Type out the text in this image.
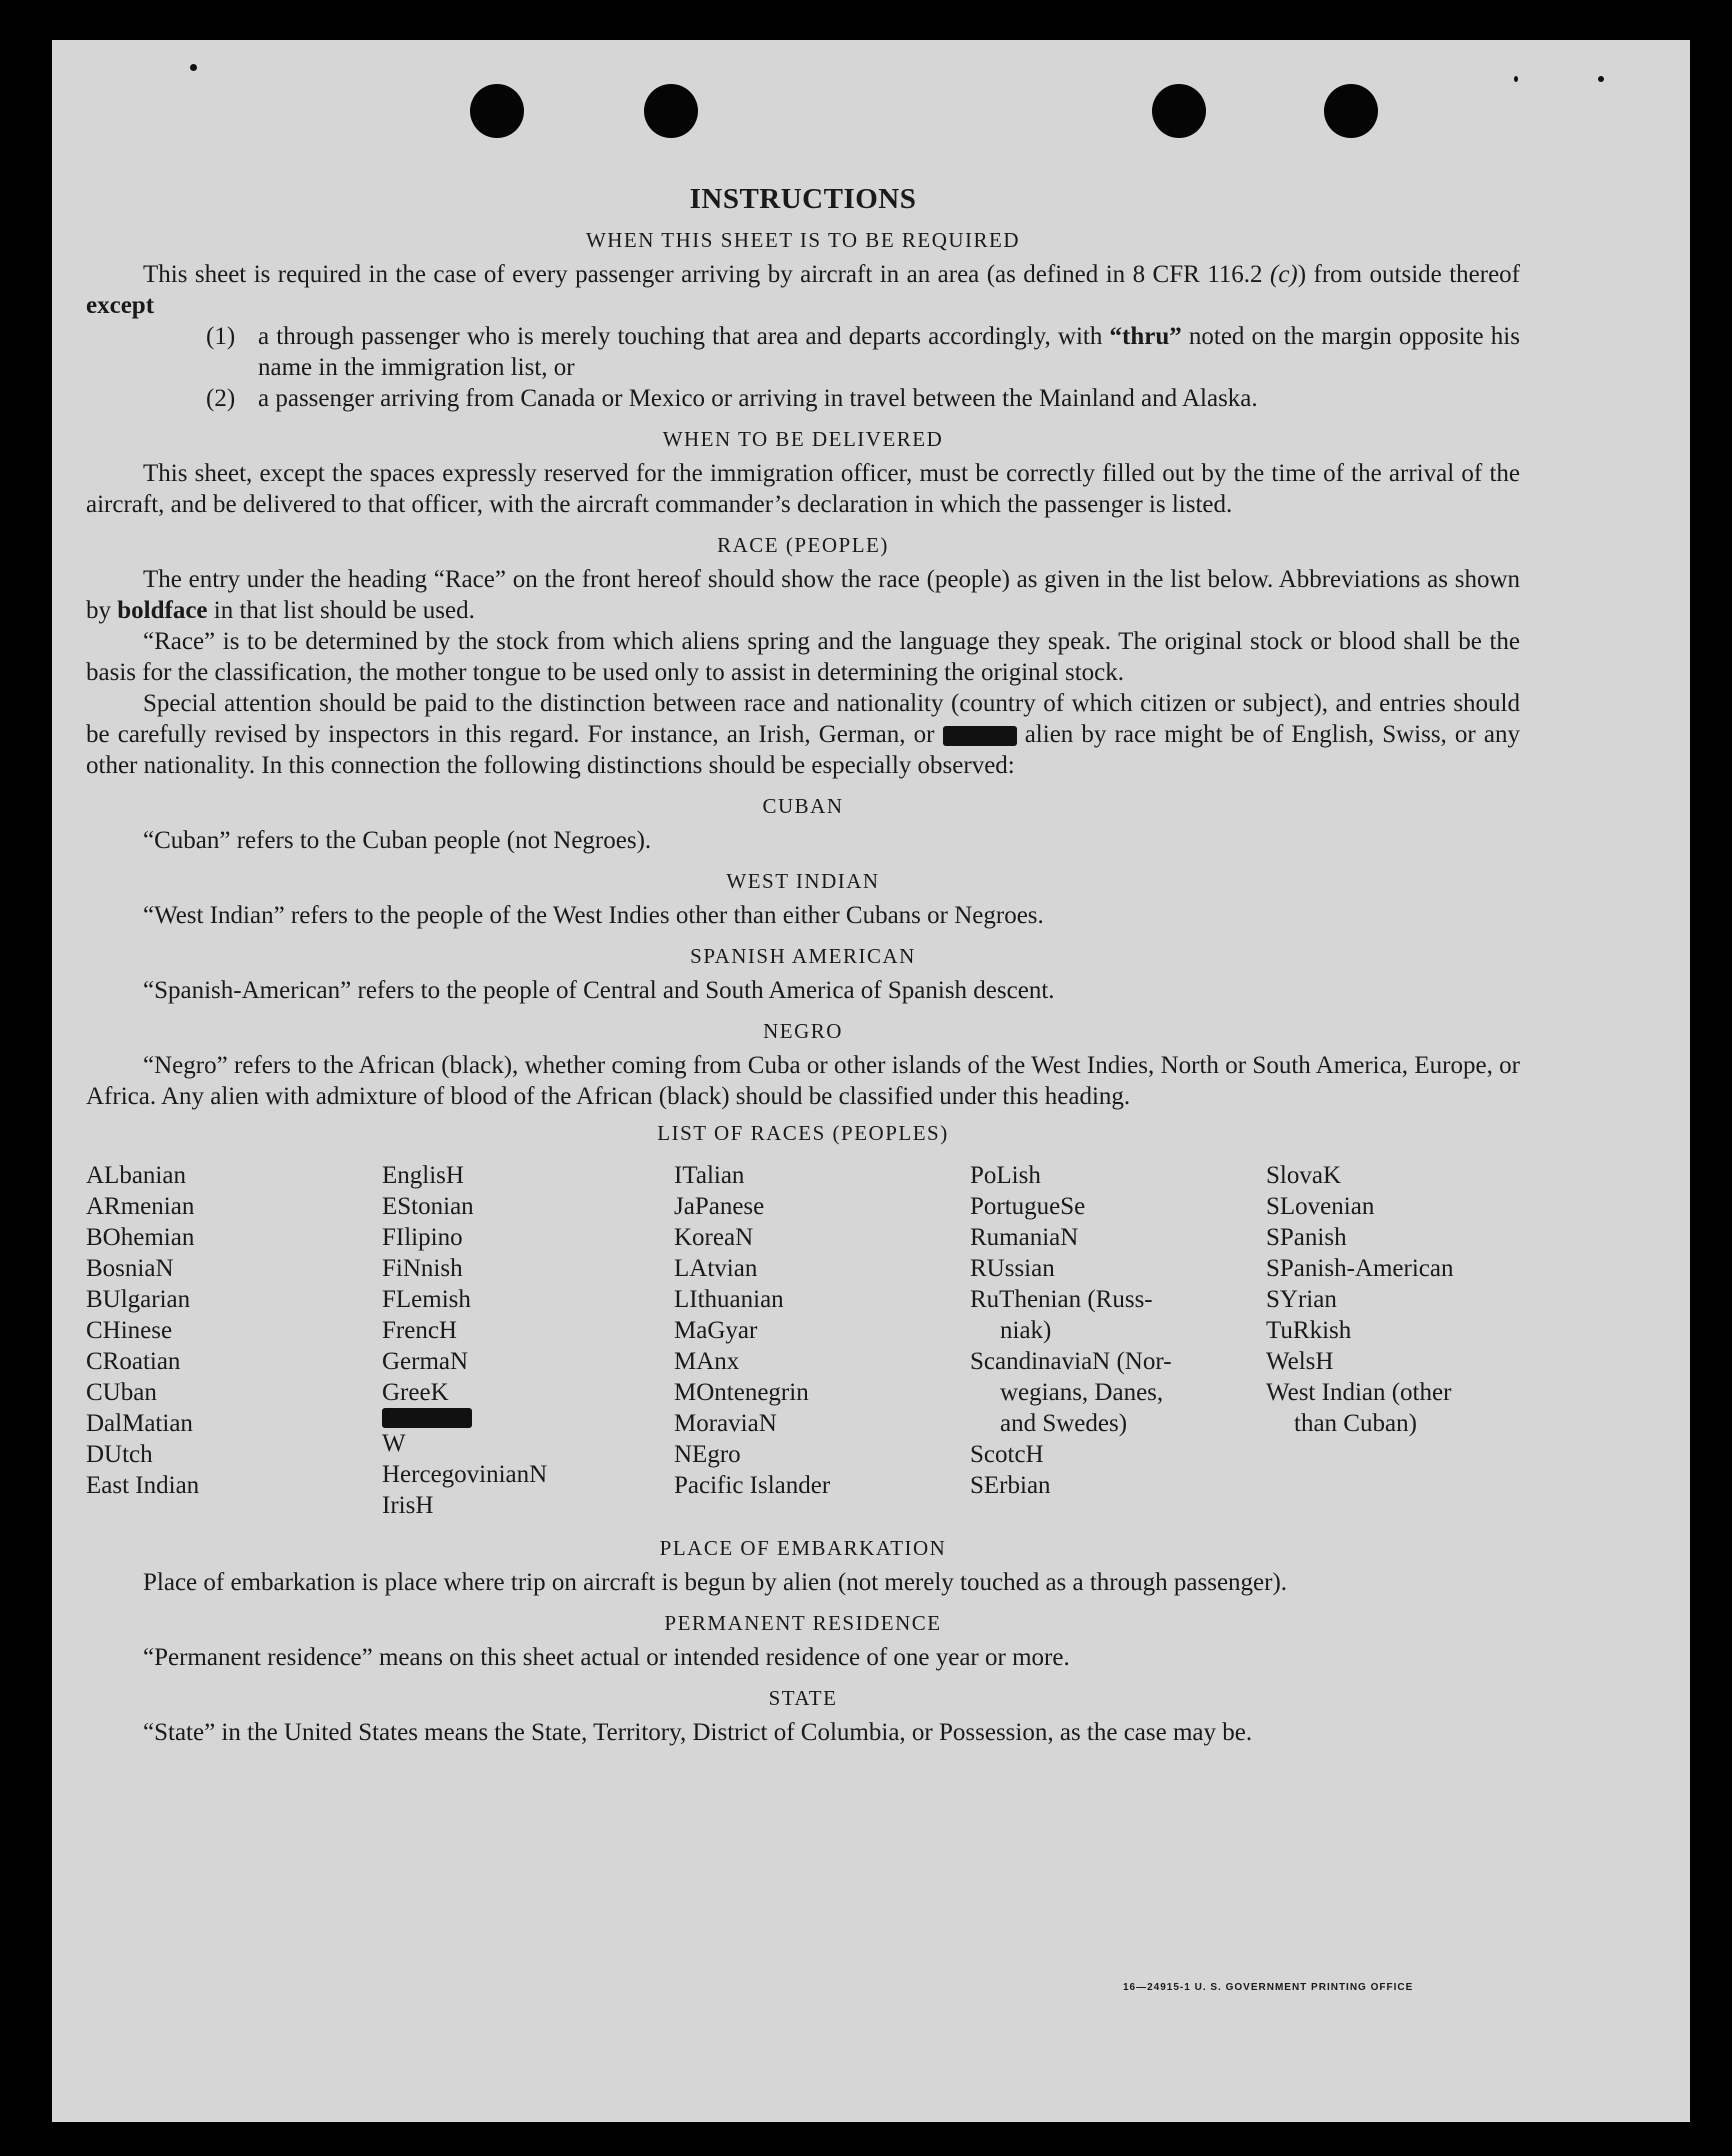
INSTRUCTIONS
WHEN THIS SHEET IS TO BE REQUIRED

This sheet is required in the case of every passenger arriving by aircraft in an area (as defined in 8 CFR 116.2 (c)) from outside thereof except

(1) a through passenger who is merely touching that area and departs accordingly, with “thru” noted on the margin opposite his name in the immigration list, or
(2) a passenger arriving from Canada or Mexico or arriving in travel between the Mainland and Alaska.
WHEN TO BE DELIVERED

This sheet, except the spaces expressly reserved for the immigration officer, must be correctly filled out by the time of the arrival of the aircraft, and be delivered to that officer, with the aircraft commander’s declaration in which the passenger is listed.

RACE (PEOPLE)

The entry under the heading “Race” on the front hereof should show the race (people) as given in the list below. Abbreviations as shown by boldface in that list should be used.

“Race” is to be determined by the stock from which aliens spring and the language they speak. The original stock or blood shall be the basis for the classification, the mother tongue to be used only to assist in determining the original stock.

Special attention should be paid to the distinction between race and nationality (country of which citizen or subject), and entries should be carefully revised by inspectors in this regard. For instance, an Irish, German, or	alien by race might be of English, Swiss, or any other nationality. In this connection the following distinctions should be especially observed:

CUBAN

“Cuban” refers to the Cuban people (not Negroes).

WEST INDIAN

“West Indian” refers to the people of the West Indies other than either Cubans or Negroes.

SPANISH AMERICAN

“Spanish-American” refers to the people of Central and South America of Spanish descent.

NEGRO

“Negro” refers to the African (black), whether coming from Cuba or other islands of the West Indies, North or South America, Europe, or Africa. Any alien with admixture of blood of the African (black) should be classified under this heading.

LIST OF RACES (PEOPLES)
ALbanian
ARmenian
BOhemian
BosniaN
BUlgarian
CHinese
CRoatian
CUban
DalMatian
DUtch
East Indian
EnglisH
EStonian
FIlipino
FiNnish
FLemish
FrencH
GermaN
GreeK
W
HercegovinianN
IrisH
ITalian
JaPanese
KoreaN
LAtvian
LIthuanian
MaGyar
MAnx
MOntenegrin
MoraviaN
NEgro
Pacific Islander
PoLish
PortugueSe
RumaniaN
RUssian
RuThenian (Russ-
niak)
ScandinaviaN (Nor-
wegians, Danes,
and Swedes)
ScotcH
SErbian
SlovaK
SLovenian
SPanish
SPanish-American
SYrian
TuRkish
WelsH
West Indian (other
than Cuban)
PLACE OF EMBARKATION

Place of embarkation is place where trip on aircraft is begun by alien (not merely touched as a through passenger).

PERMANENT RESIDENCE

“Permanent residence” means on this sheet actual or intended residence of one year or more.

STATE

“State” in the United States means the State, Territory, District of Columbia, or Possession, as the case may be.

16—24915-1 U. S. GOVERNMENT PRINTING OFFICE
